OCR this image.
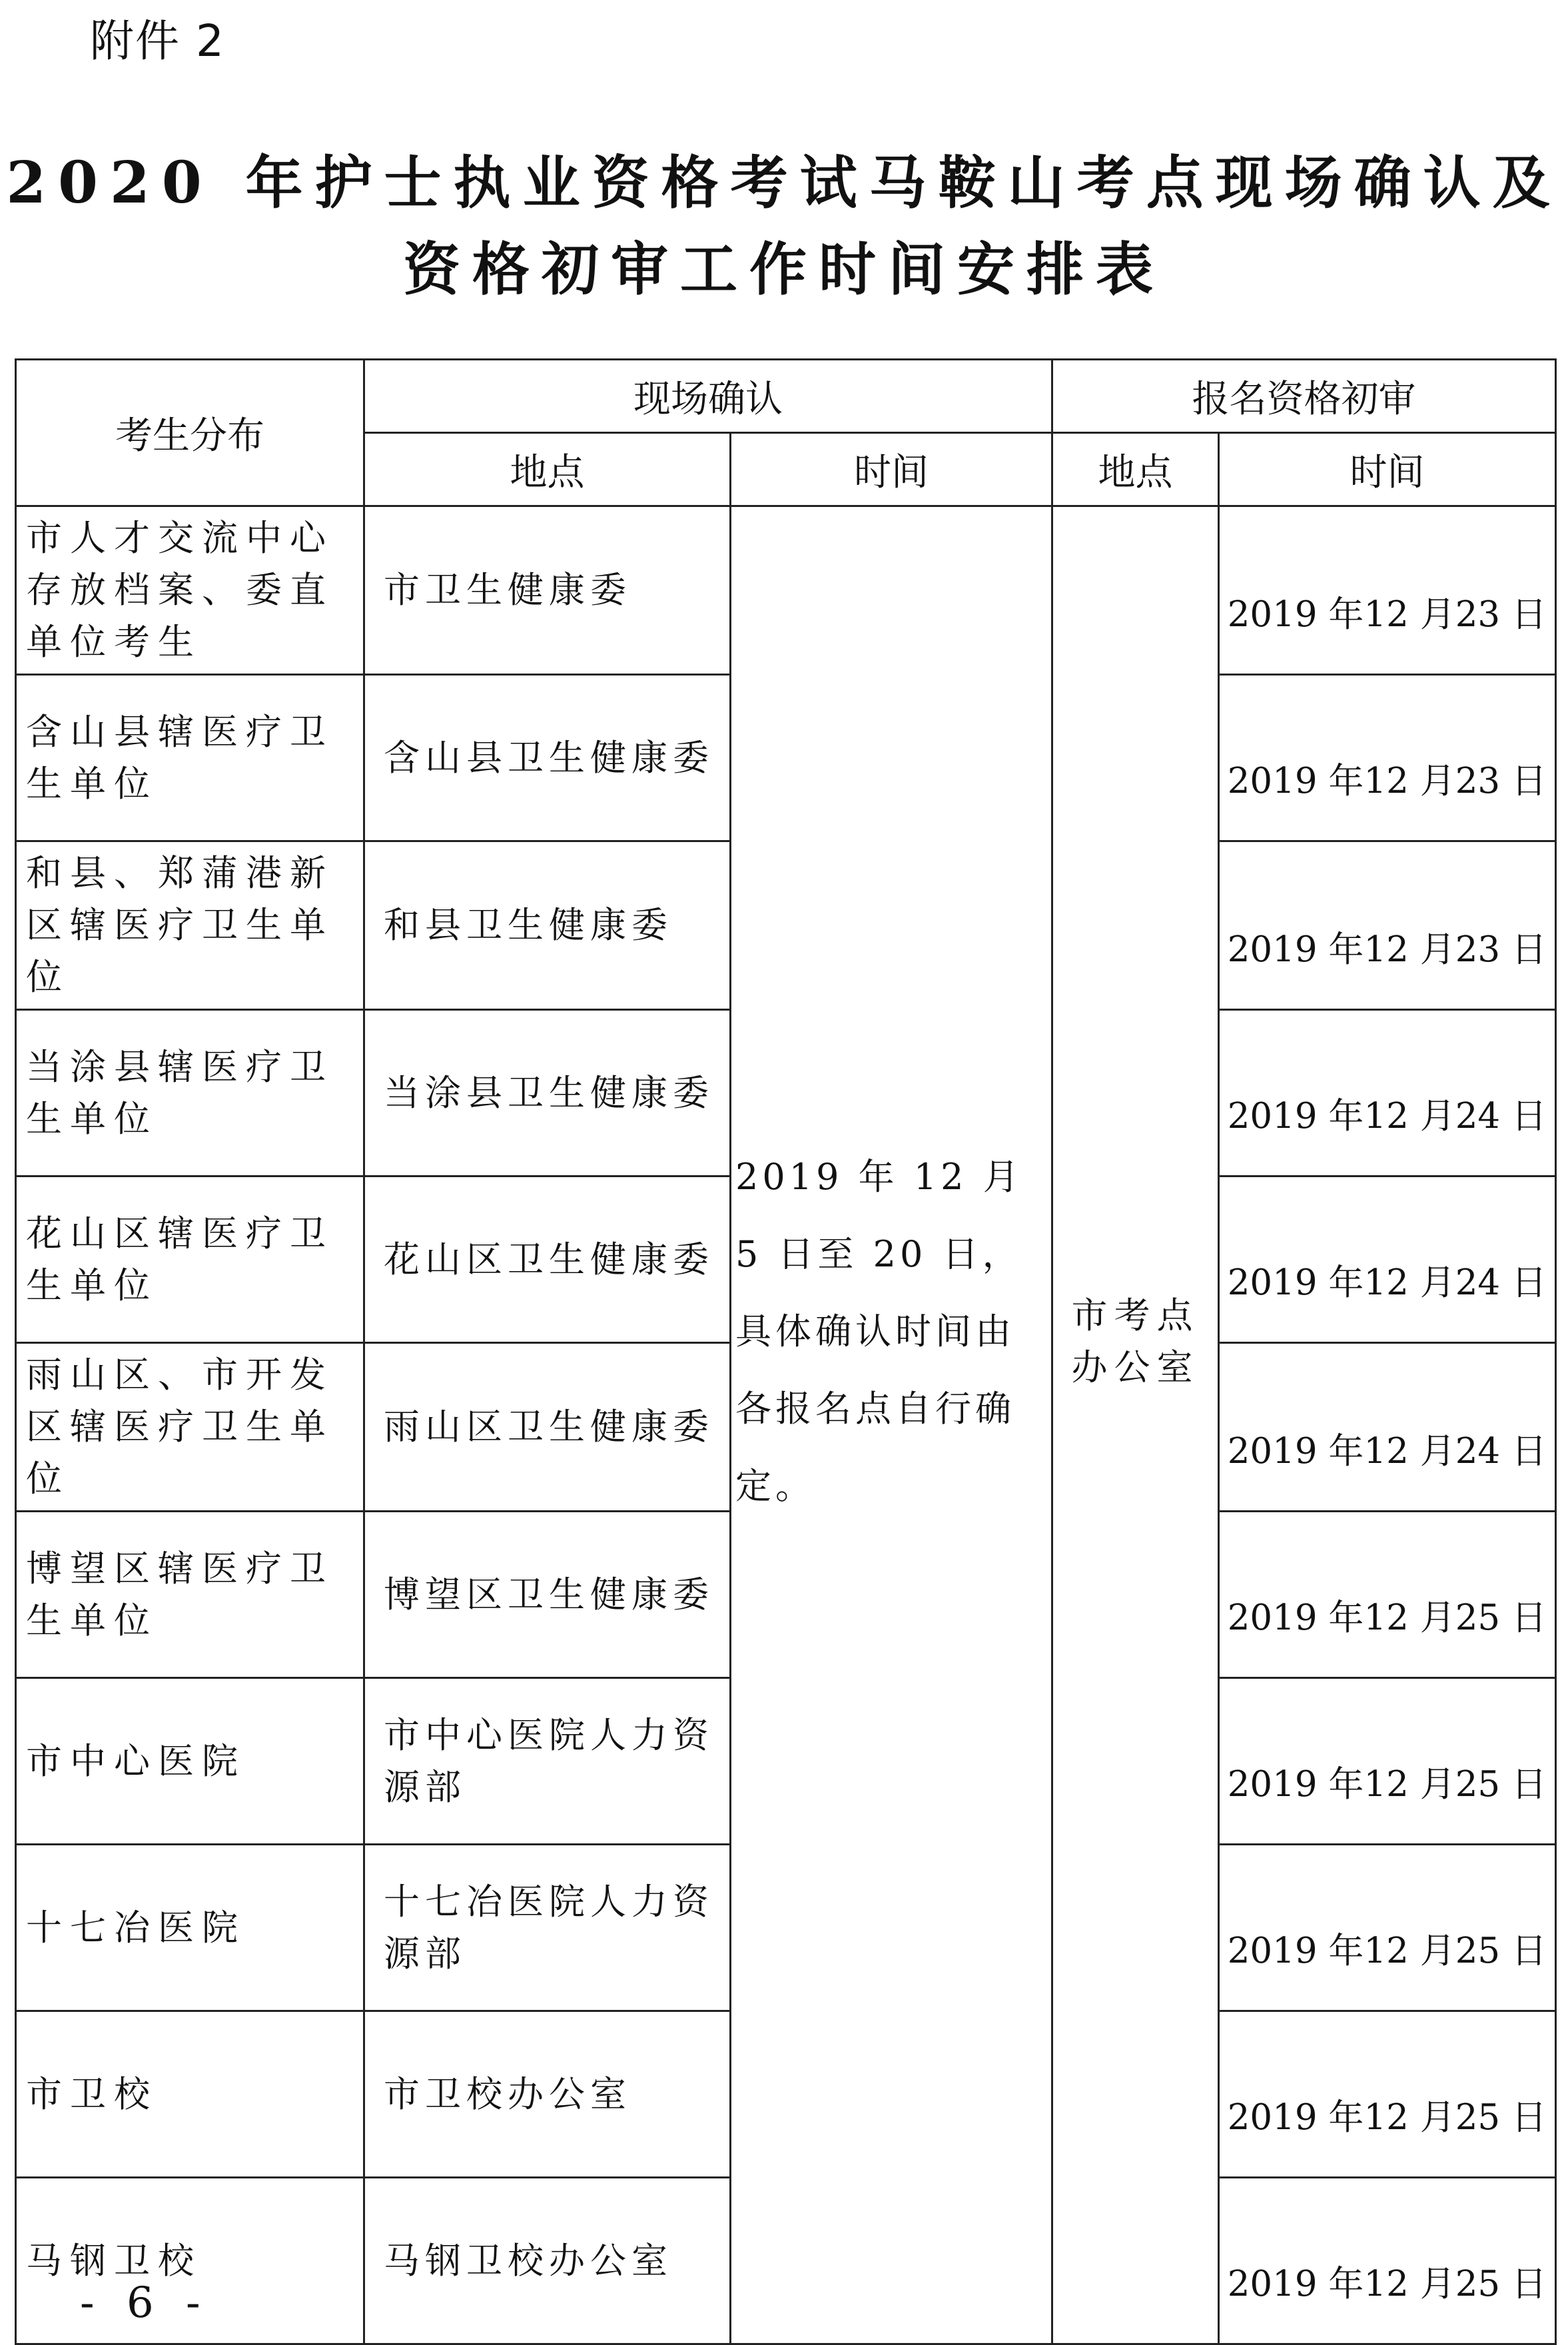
附件 2
2020 年护士执业资格考试马鞍山考点现场确认及
资格初审工作时间安排表
考生分布	现场确认		报名资格初审	
	地点	时间	地点	时间
市人才交流中心存放档案、委直单位考生	市卫生健康委	2019 年 12 月 5 日至 20 日，具体确认时间由各报名点自行确定。	市考点办公室	2019 年12 月23 日
含山县辖医疗卫生单位	含山县卫生健康委			2019 年12 月23 日
和县、郑蒲港新区辖医疗卫生单位	和县卫生健康委			2019 年12 月23 日
当涂县辖医疗卫生单位	当涂县卫生健康委			2019 年12 月24 日
花山区辖医疗卫生单位	花山区卫生健康委			2019 年12 月24 日
雨山区、市开发区辖医疗卫生单位	雨山区卫生健康委			2019 年12 月24 日
博望区辖医疗卫生单位	博望区卫生健康委			2019 年12 月25 日
市中心医院	市中心医院人力资源部			2019 年12 月25 日
十七冶医院	十七冶医院人力资源部			2019 年12 月25 日
市卫校	市卫校办公室			2019 年12 月25 日
马钢卫校	马钢卫校办公室			2019 年12 月25 日
- 6 -
